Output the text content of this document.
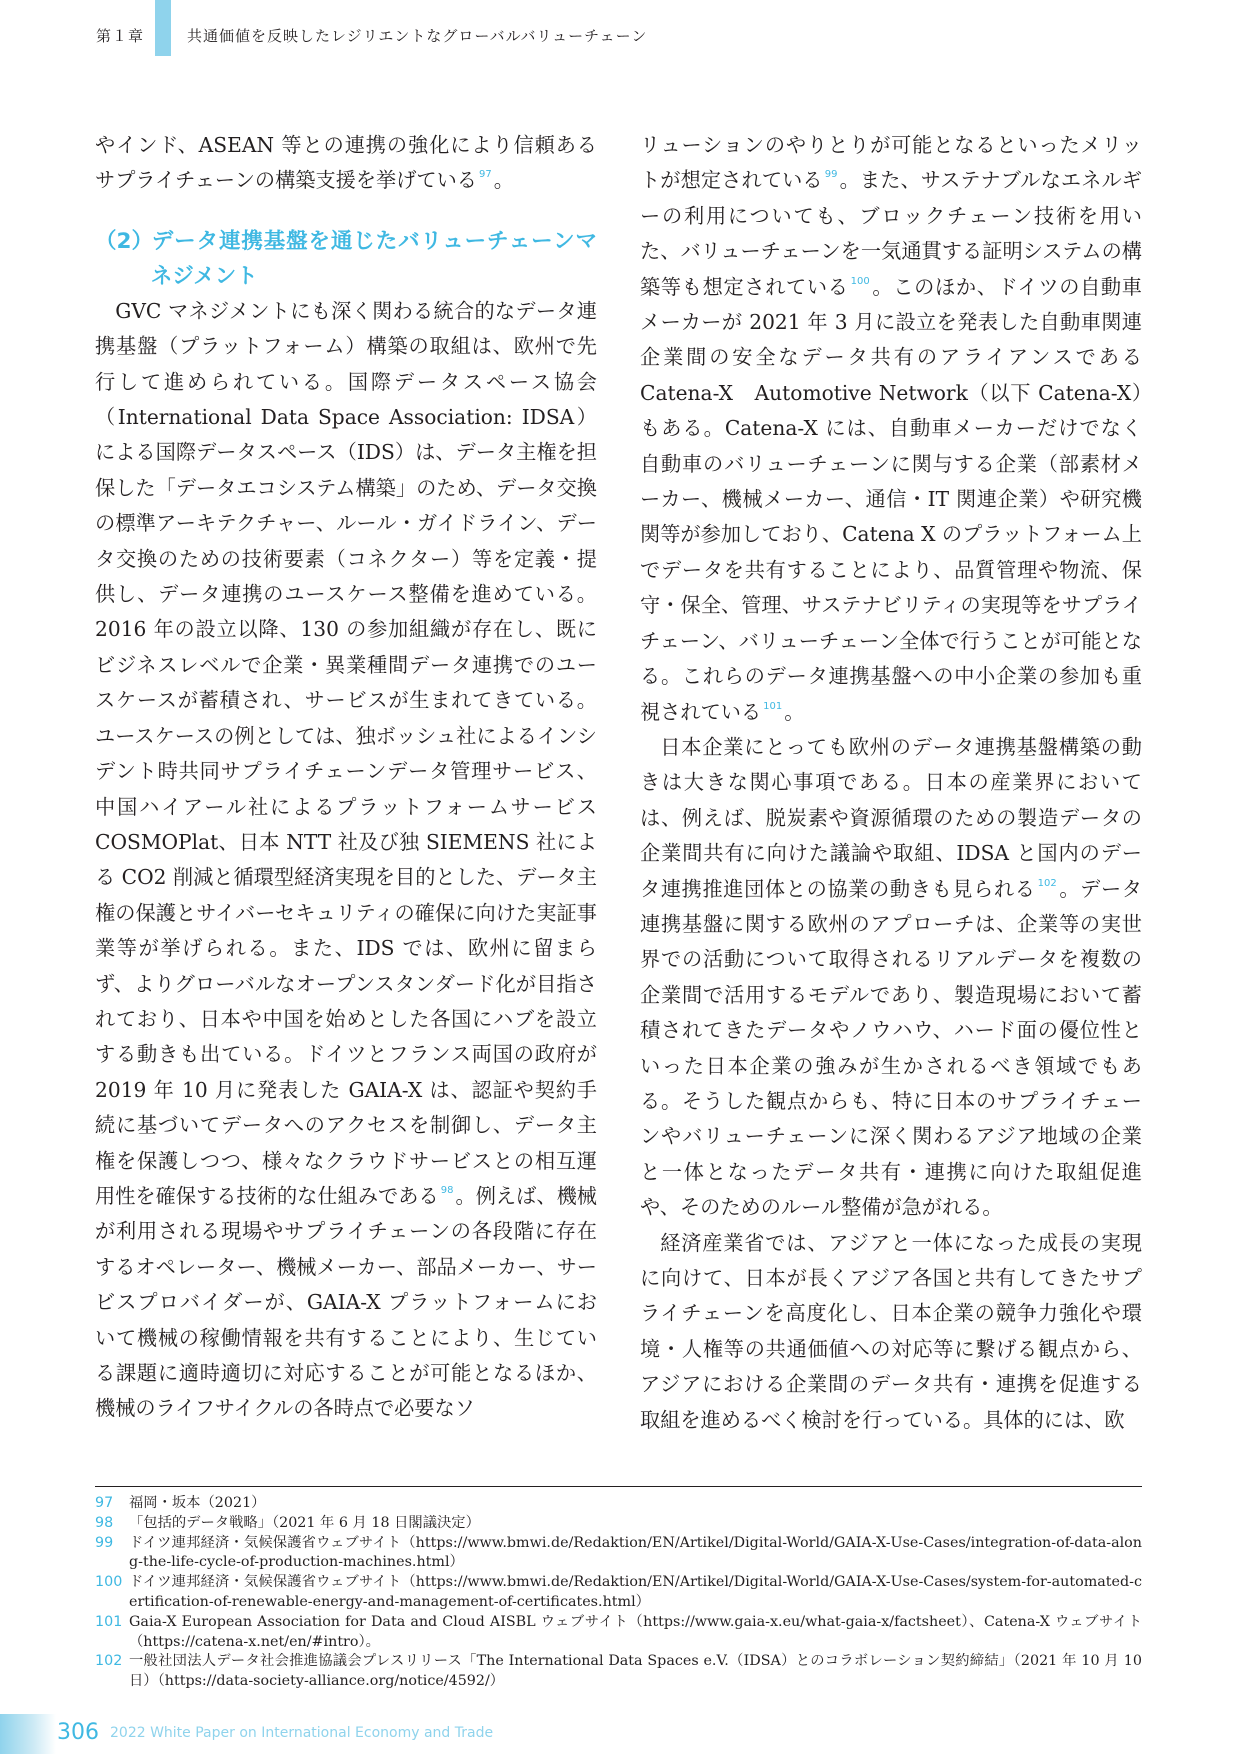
第１章	共通価値を反映したレジリエントなグローバルバリューチェーン

やインド、ASEAN 等との連携の強化により信頼あるサプライチェーンの構築支援を挙げている $^{97}$。

（2）データ連携基盤を通じたバリューチェーンマネジメント

GVC マネジメントにも深く関わる統合的なデータ連携基盤（プラットフォーム）構築の取組は、欧州で先行して進められている。国際データスペース協会（International Data Space Association: IDSA）による国際データスペース（IDS）は、データ主権を担保した「データエコシステム構築」のため、データ交換の標準アーキテクチャー、ルール・ガイドライン、データ交換のための技術要素（コネクター）等を定義・提供し、データ連携のユースケース整備を進めている。2016 年の設立以降、130 の参加組織が存在し、既にビジネスレベルで企業・異業種間データ連携でのユースケースが蓄積され、サービスが生まれてきている。ユースケースの例としては、独ボッシュ社によるインシデント時共同サプライチェーンデータ管理サービス、中国ハイアール社によるプラットフォームサービス COSMOPlat、日本 NTT 社及び独 SIEMENS 社による CO2 削減と循環型経済実現を目的とした、データ主権の保護とサイバーセキュリティの確保に向けた実証事業等が挙げられる。また、IDS では、欧州に留まらず、よりグローバルなオープンスタンダード化が目指されており、日本や中国を始めとした各国にハブを設立する動きも出ている。ドイツとフランス両国の政府が 2019 年 10 月に発表した GAIA-X は、認証や契約手続に基づいてデータへのアクセスを制御し、データ主権を保護しつつ、様々なクラウドサービスとの相互運用性を確保する技術的な仕組みである $^{98}$。例えば、機械が利用される現場やサプライチェーンの各段階に存在するオペレーター、機械メーカー、部品メーカー、サービスプロバイダーが、GAIA-X プラットフォームにおいて機械の稼働情報を共有することにより、生じている課題に適時適切に対応することが可能となるほか、機械のライフサイクルの各時点で必要なソ

リューションのやりとりが可能となるといったメリットが想定されている $^{99}$。また、サステナブルなエネルギーの利用についても、ブロックチェーン技術を用いた、バリューチェーンを一気通貫する証明システムの構築等も想定されている $^{100}$。このほか、ドイツの自動車メーカーが 2021 年 3 月に設立を発表した自動車関連企業間の安全なデータ共有のアライアンスである Catena-X　Automotive Network（以下 Catena-X）もある。Catena-X には、自動車メーカーだけでなく自動車のバリューチェーンに関与する企業（部素材メーカー、機械メーカー、通信・IT 関連企業）や研究機関等が参加しており、Catena X のプラットフォーム上でデータを共有することにより、品質管理や物流、保守・保全、管理、サステナビリティの実現等をサプライチェーン、バリューチェーン全体で行うことが可能となる。これらのデータ連携基盤への中小企業の参加も重視されている $^{101}$。

日本企業にとっても欧州のデータ連携基盤構築の動きは大きな関心事項である。日本の産業界においては、例えば、脱炭素や資源循環のための製造データの企業間共有に向けた議論や取組、IDSA と国内のデータ連携推進団体との協業の動きも見られる $^{102}$。データ連携基盤に関する欧州のアプローチは、企業等の実世界での活動について取得されるリアルデータを複数の企業間で活用するモデルであり、製造現場において蓄積されてきたデータやノウハウ、ハード面の優位性といった日本企業の強みが生かされるべき領域でもある。そうした観点からも、特に日本のサプライチェーンやバリューチェーンに深く関わるアジア地域の企業と一体となったデータ共有・連携に向けた取組促進や、そのためのルール整備が急がれる。

経済産業省では、アジアと一体になった成長の実現に向けて、日本が長くアジア各国と共有してきたサプライチェーンを高度化し、日本企業の競争力強化や環境・人権等の共通価値への対応等に繋げる観点から、アジアにおける企業間のデータ共有・連携を促進する取組を進めるべく検討を行っている。具体的には、欧

97	福岡・坂本（2021）
98	「包括的データ戦略」（2021 年 6 月 18 日閣議決定）
99	ドイツ連邦経済・気候保護省ウェブサイト（https://www.bmwi.de/Redaktion/EN/Artikel/Digital-World/GAIA-X-Use-Cases/integration-of-data-along-the-life-cycle-of-production-machines.html）
100 ドイツ連邦経済・気候保護省ウェブサイト（https://www.bmwi.de/Redaktion/EN/Artikel/Digital-World/GAIA-X-Use-Cases/system-for-automated-certification-of-renewable-energy-and-management-of-certificates.html）
101 Gaia-X European Association for Data and Cloud AISBL ウェブサイト（https://www.gaia-x.eu/what-gaia-x/factsheet）、Catena-X ウェブサイト（https://catena-x.net/en/#intro）。
102 一般社団法人データ社会推進協議会プレスリリース「The International Data Spaces e.V.（IDSA）とのコラボレーション契約締結」（2021 年 10 月 10 日）（https://data-society-alliance.org/notice/4592/）
306 2022 White Paper on International Economy and Trade
